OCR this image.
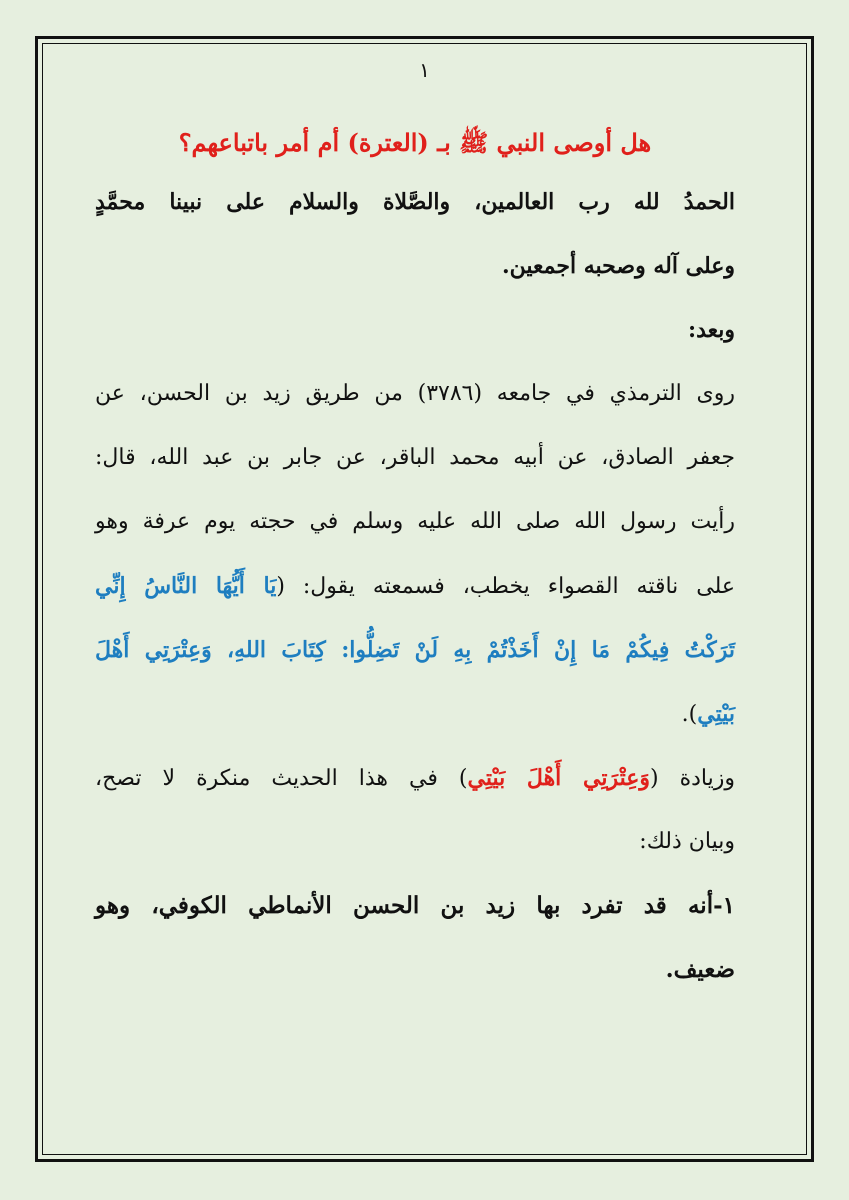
١
هل أوصى النبي ﷺ بـ (العترة) أم أمر باتباعهم؟
الحمدُ لله رب العالمين، والصَّلاة والسلام على نبينا محمَّدٍ
وعلى آله وصحبه أجمعين.
وبعد:
روى الترمذي في جامعه (٣٧٨٦) من طريق زيد بن الحسن، عن
جعفر الصادق، عن أبيه محمد الباقر، عن جابر بن عبد الله، قال:
رأيت رسول الله صلى الله عليه وسلم في حجته يوم عرفة وهو
على ناقته القصواء يخطب، فسمعته يقول: (يَا أَيُّهَا النَّاسُ إِنِّي
تَرَكْتُ فِيكُمْ مَا إِنْ أَخَذْتُمْ بِهِ لَنْ تَضِلُّوا: كِتَابَ اللهِ، وَعِتْرَتِي أَهْلَ
بَيْتِي).
وزيادة (وَعِتْرَتِي أَهْلَ بَيْتِي) في هذا الحديث منكرة لا تصح،
وبيان ذلك:
١-أنه قد تفرد بها زيد بن الحسن الأنماطي الكوفي، وهو
ضعيف.
